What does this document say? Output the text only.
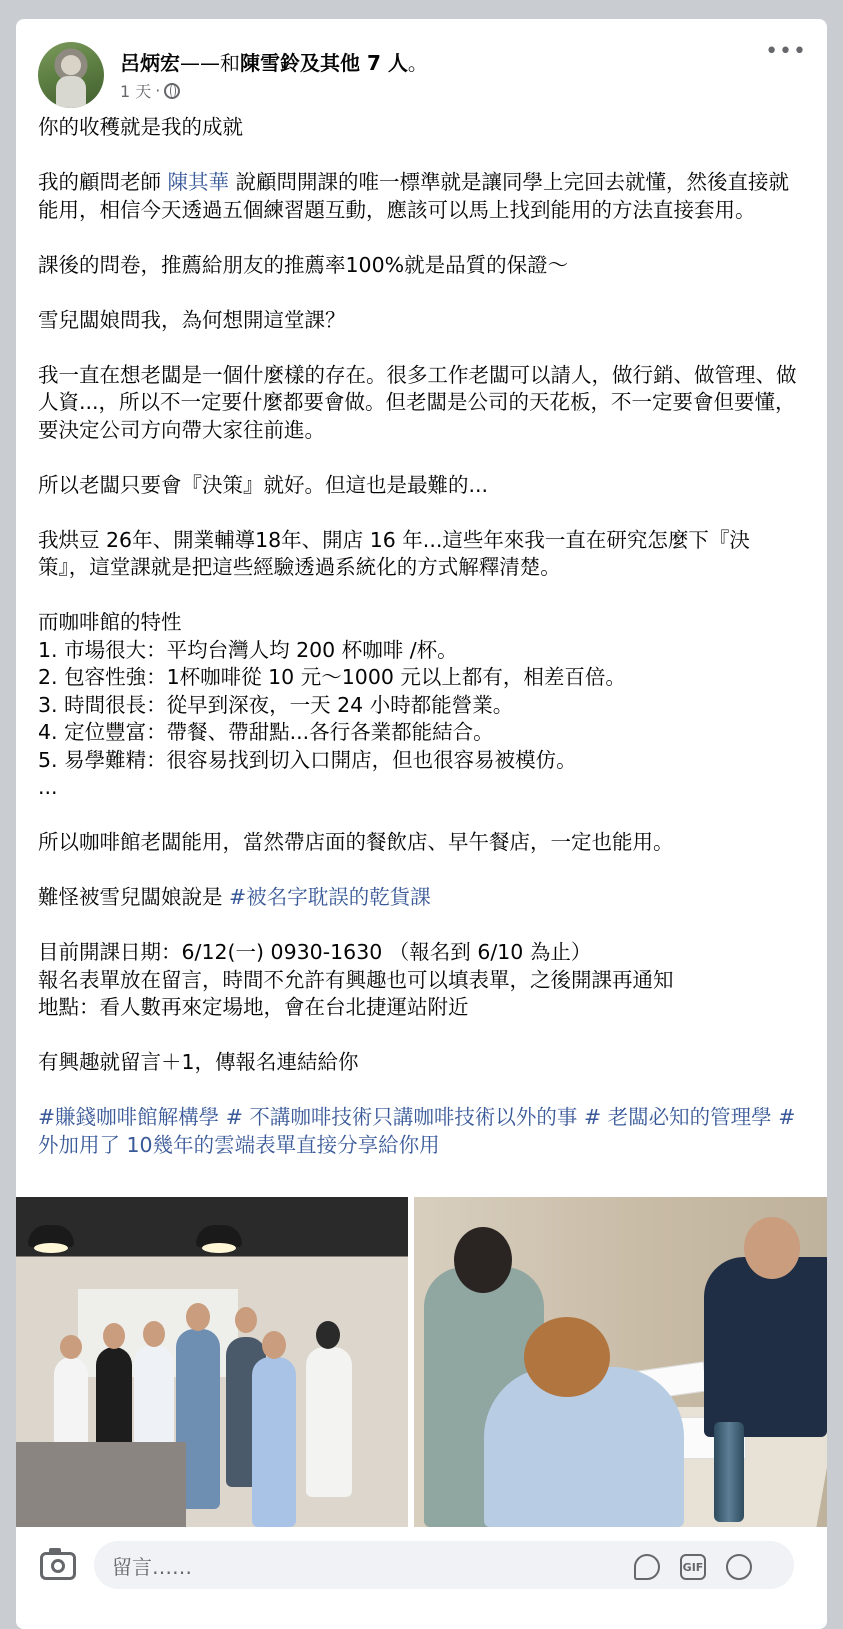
呂炳宏——和陳雪鈴及其他 7 人。
1 天 ·
•••

你的收穫就是我的成就

我的顧問老師 陳其華 說顧問開課的唯一標準就是讓同學上完回去就懂，然後直接就能用，相信今天透過五個練習題互動，應該可以馬上找到能用的方法直接套用。

課後的問卷，推薦給朋友的推薦率100%就是品質的保證～

雪兒闆娘問我，為何想開這堂課？

我一直在想老闆是一個什麼樣的存在。很多工作老闆可以請人，做行銷、做管理、做人資...，所以不一定要什麼都要會做。但老闆是公司的天花板，不一定要會但要懂，要決定公司方向帶大家往前進。

所以老闆只要會『決策』就好。但這也是最難的...

我烘豆 26年、開業輔導18年、開店 16 年...這些年來我一直在研究怎麼下『決策』，這堂課就是把這些經驗透過系統化的方式解釋清楚。

而咖啡館的特性

1. 市場很大：平均台灣人均 200 杯咖啡 /杯。

2. 包容性強：1杯咖啡從 10 元～1000 元以上都有，相差百倍。

3. 時間很長：從早到深夜，一天 24 小時都能營業。

4. 定位豐富：帶餐、帶甜點...各行各業都能結合。

5. 易學難精：很容易找到切入口開店，但也很容易被模仿。

...

所以咖啡館老闆能用，當然帶店面的餐飲店、早午餐店，一定也能用。

難怪被雪兒闆娘說是 #被名字耽誤的乾貨課

目前開課日期：6/12(一) 0930-1630 （報名到 6/10 為止）

報名表單放在留言，時間不允許有興趣也可以填表單，之後開課再通知

地點：看人數再來定場地，會在台北捷運站附近

有興趣就留言＋1，傳報名連結給你

#賺錢咖啡館解構學 # 不講咖啡技術只講咖啡技術以外的事 # 老闆必知的管理學 #外加用了 10幾年的雲端表單直接分享給你用

留言……	GIF
